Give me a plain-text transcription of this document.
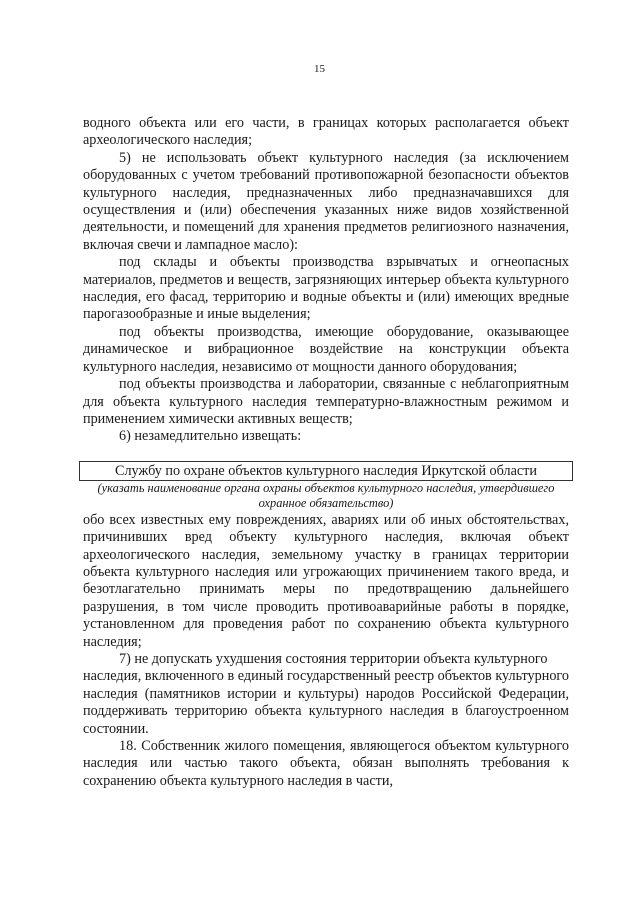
15

водного объекта или его части, в границах которых располагается объект археологического наследия;

5) не использовать объект культурного наследия (за исключением оборудованных с учетом требований противопожарной безопасности объектов культурного наследия, предназначенных либо предназначавшихся для осуществления и (или) обеспечения указанных ниже видов хозяйственной деятельности, и помещений для хранения предметов религиозного назначения, включая свечи и лампадное масло):

под склады и объекты производства взрывчатых и огнеопасных материалов, предметов и веществ, загрязняющих интерьер объекта культурного наследия, его фасад, территорию и водные объекты и (или) имеющих вредные парогазообразные и иные выделения;

под объекты производства, имеющие оборудование, оказывающее динамическое и вибрационное воздействие на конструкции объекта культурного наследия, независимо от мощности данного оборудования;

под объекты производства и лаборатории, связанные с неблагоприятным для объекта культурного наследия температурно-влажностным режимом и применением химически активных веществ;

6) незамедлительно извещать:

Службу по охране объектов культурного наследия Иркутской области

(указать наименование органа охраны объектов культурного наследия, утвердившего охранное обязательство)

обо всех известных ему повреждениях, авариях или об иных обстоятельствах, причинивших вред объекту культурного наследия, включая объект археологического наследия, земельному участку в границах территории объекта культурного наследия или угрожающих причинением такого вреда, и безотлагательно принимать меры по предотвращению дальнейшего разрушения, в том числе проводить противоаварийные работы в порядке, установленном для проведения работ по сохранению объекта культурного наследия;

7) не допускать ухудшения состояния территории объекта культурного

наследия, включенного в единый государственный реестр объектов культурного наследия (памятников истории и культуры) народов Российской Федерации, поддерживать территорию объекта культурного наследия в благоустроенном состоянии.

18. Собственник жилого помещения, являющегося объектом культурного наследия или частью такого объекта, обязан выполнять требования к сохранению объекта культурного наследия в части,
